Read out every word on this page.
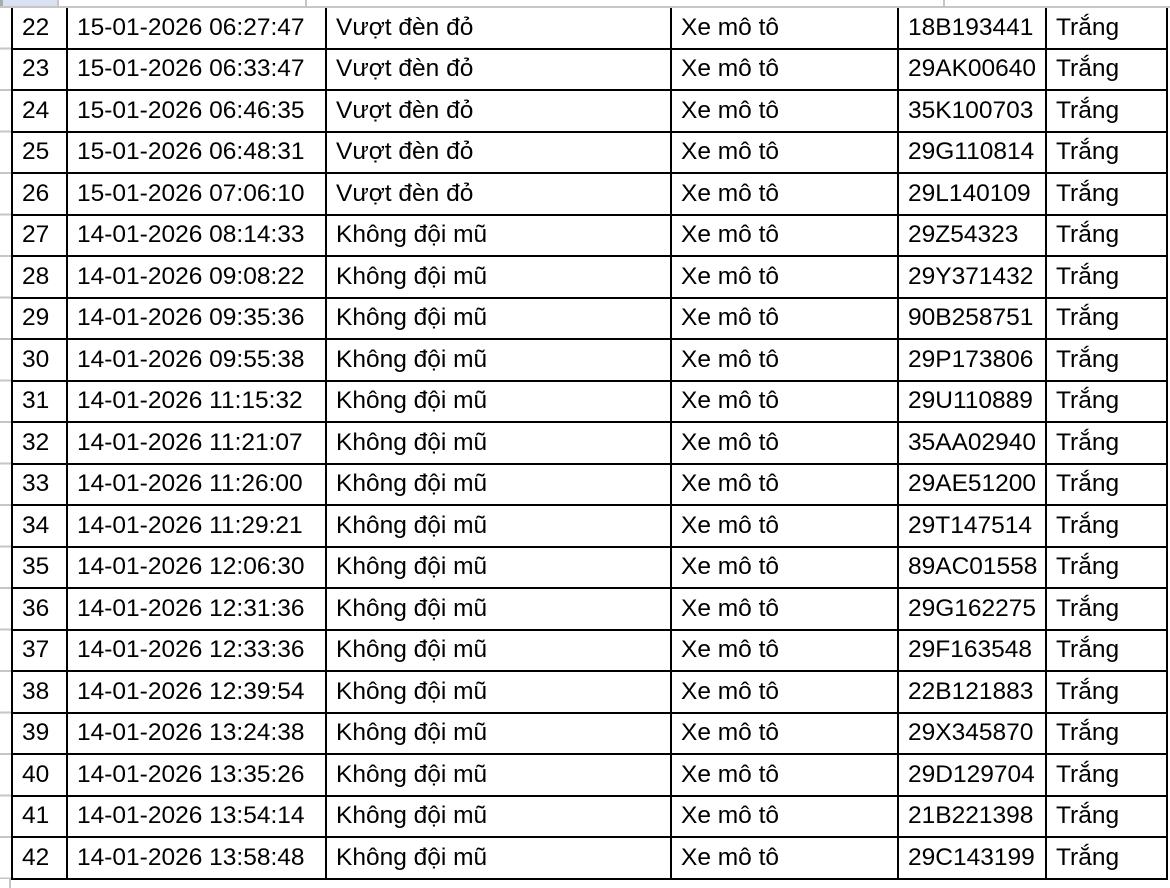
22	15-01-2026 06:27:47	Vượt đèn đỏ	Xe mô tô	18B193441	Trắng
23	15-01-2026 06:33:47	Vượt đèn đỏ	Xe mô tô	29AK00640	Trắng
24	15-01-2026 06:46:35	Vượt đèn đỏ	Xe mô tô	35K100703	Trắng
25	15-01-2026 06:48:31	Vượt đèn đỏ	Xe mô tô	29G110814	Trắng
26	15-01-2026 07:06:10	Vượt đèn đỏ	Xe mô tô	29L140109	Trắng
27	14-01-2026 08:14:33	Không đội mũ	Xe mô tô	29Z54323	Trắng
28	14-01-2026 09:08:22	Không đội mũ	Xe mô tô	29Y371432	Trắng
29	14-01-2026 09:35:36	Không đội mũ	Xe mô tô	90B258751	Trắng
30	14-01-2026 09:55:38	Không đội mũ	Xe mô tô	29P173806	Trắng
31	14-01-2026 11:15:32	Không đội mũ	Xe mô tô	29U110889	Trắng
32	14-01-2026 11:21:07	Không đội mũ	Xe mô tô	35AA02940	Trắng
33	14-01-2026 11:26:00	Không đội mũ	Xe mô tô	29AE51200	Trắng
34	14-01-2026 11:29:21	Không đội mũ	Xe mô tô	29T147514	Trắng
35	14-01-2026 12:06:30	Không đội mũ	Xe mô tô	89AC01558	Trắng
36	14-01-2026 12:31:36	Không đội mũ	Xe mô tô	29G162275	Trắng
37	14-01-2026 12:33:36	Không đội mũ	Xe mô tô	29F163548	Trắng
38	14-01-2026 12:39:54	Không đội mũ	Xe mô tô	22B121883	Trắng
39	14-01-2026 13:24:38	Không đội mũ	Xe mô tô	29X345870	Trắng
40	14-01-2026 13:35:26	Không đội mũ	Xe mô tô	29D129704	Trắng
41	14-01-2026 13:54:14	Không đội mũ	Xe mô tô	21B221398	Trắng
42	14-01-2026 13:58:48	Không đội mũ	Xe mô tô	29C143199	Trắng
